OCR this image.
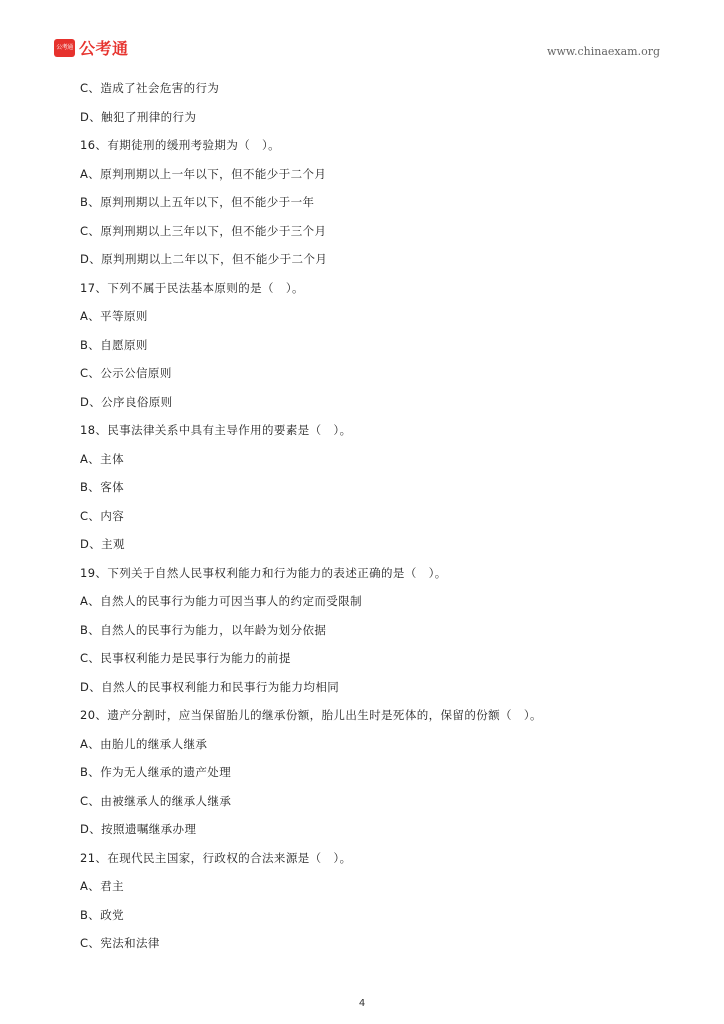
公考通 公考通	www.chinaexam.org
C、造成了社会危害的行为
D、触犯了刑律的行为
16、有期徒刑的缓刑考验期为（　）。
A、原判刑期以上一年以下，但不能少于二个月
B、原判刑期以上五年以下，但不能少于一年
C、原判刑期以上三年以下，但不能少于三个月
D、原判刑期以上二年以下，但不能少于二个月
17、下列不属于民法基本原则的是（　）。
A、平等原则
B、自愿原则
C、公示公信原则
D、公序良俗原则
18、民事法律关系中具有主导作用的要素是（　）。
A、主体
B、客体
C、内容
D、主观
19、下列关于自然人民事权利能力和行为能力的表述正确的是（　）。
A、自然人的民事行为能力可因当事人的约定而受限制
B、自然人的民事行为能力，以年龄为划分依据
C、民事权利能力是民事行为能力的前提
D、自然人的民事权利能力和民事行为能力均相同
20、遗产分割时，应当保留胎儿的继承份额，胎儿出生时是死体的，保留的份额（　）。
A、由胎儿的继承人继承
B、作为无人继承的遗产处理
C、由被继承人的继承人继承
D、按照遗嘱继承办理
21、在现代民主国家，行政权的合法来源是（　）。
A、君主
B、政党
C、宪法和法律
4
